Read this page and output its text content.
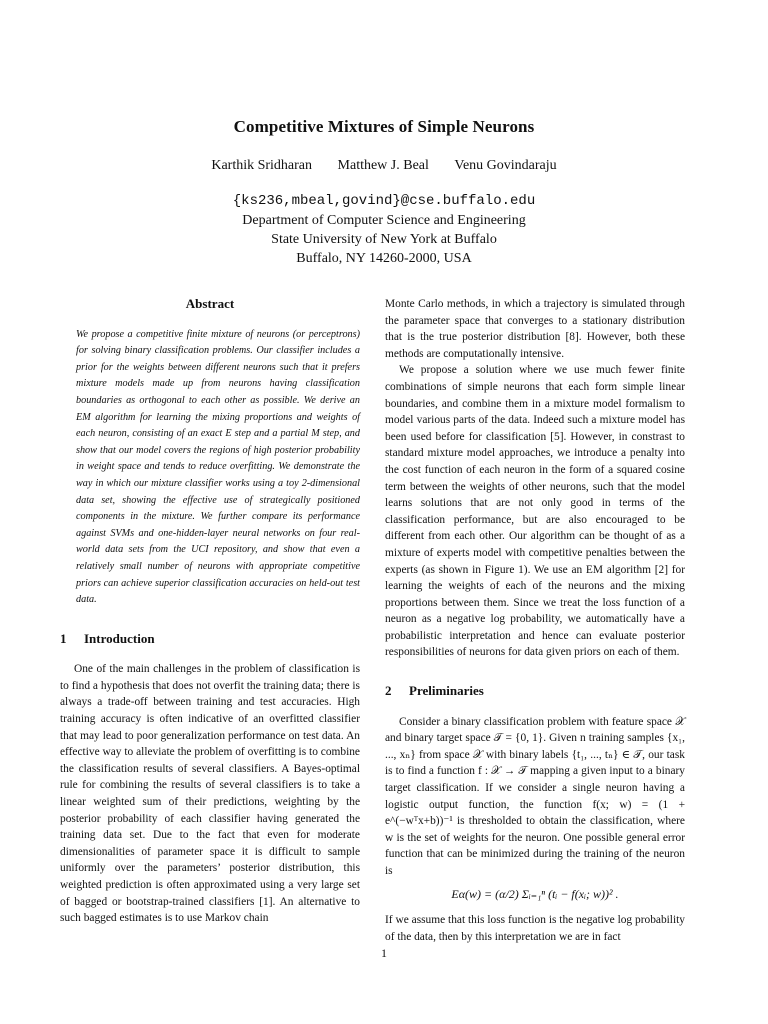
Competitive Mixtures of Simple Neurons
Karthik Sridharan Matthew J. Beal Venu Govindaraju
{ks236,mbeal,govind}@cse.buffalo.edu
Department of Computer Science and Engineering
State University of New York at Buffalo
Buffalo, NY 14260-2000, USA
Abstract
We propose a competitive finite mixture of neurons (or perceptrons) for solving binary classification problems. Our classifier includes a prior for the weights between different neurons such that it prefers mixture models made up from neurons having classification boundaries as orthogonal to each other as possible. We derive an EM algorithm for learning the mixing proportions and weights of each neuron, consisting of an exact E step and a partial M step, and show that our model covers the regions of high posterior probability in weight space and tends to reduce overfitting. We demonstrate the way in which our mixture classifier works using a toy 2-dimensional data set, showing the effective use of strategically positioned components in the mixture. We further compare its performance against SVMs and one-hidden-layer neural networks on four real-world data sets from the UCI repository, and show that even a relatively small number of neurons with appropriate competitive priors can achieve superior classification accuracies on held-out test data.
1 Introduction

One of the main challenges in the problem of classification is to find a hypothesis that does not overfit the training data; there is always a trade-off between training and test accuracies. High training accuracy is often indicative of an overfitted classifier that may lead to poor generalization performance on test data. An effective way to alleviate the problem of overfitting is to combine the classification results of several classifiers. A Bayes-optimal rule for combining the results of several classifiers is to take a linear weighted sum of their predictions, weighting by the posterior probability of each classifier having generated the training data set. Due to the fact that even for moderate dimensionalities of parameter space it is difficult to sample uniformly over the parameters’ posterior distribution, this weighted prediction is often approximated using a very large set of bagged or bootstrap-trained classifiers [1]. An alternative to such bagged estimates is to use Markov chain

Monte Carlo methods, in which a trajectory is simulated through the parameter space that converges to a stationary distribution that is the true posterior distribution [8]. However, both these methods are computationally intensive.

We propose a solution where we use much fewer finite combinations of simple neurons that each form simple linear boundaries, and combine them in a mixture model formalism to model various parts of the data. Indeed such a mixture model has been used before for classification [5]. However, in constrast to standard mixture model approaches, we introduce a penalty into the cost function of each neuron in the form of a squared cosine term between the weights of other neurons, such that the model learns solutions that are not only good in terms of the classification performance, but are also encouraged to be different from each other. Our algorithm can be thought of as a mixture of experts model with competitive penalties between the experts (as shown in Figure 1). We use an EM algorithm [2] for learning the weights of each of the neurons and the mixing proportions between them. Since we treat the loss function of a neuron as a negative log probability, we automatically have a probabilistic interpretation and hence can evaluate posterior responsibilities of neurons for data given priors on each of them.

2 Preliminaries

Consider a binary classification problem with feature space 𝒳 and binary target space 𝒯 = {0, 1}. Given n training samples {x₁, ..., xₙ} from space 𝒳 with binary labels {t₁, ..., tₙ} ∈ 𝒯, our task is to find a function f : 𝒳 → 𝒯 mapping a given input to a binary target classification. If we consider a single neuron having a logistic output function, the function f(x; w) = (1 + e^(−wᵀx+b))⁻¹ is thresholded to obtain the classification, where w is the set of weights for the neuron. One possible general error function that can be minimized during the training of the neuron is

Eα(w) = (α/2) Σᵢ₌₁ⁿ (tᵢ − f(xᵢ; w))² .

If we assume that this loss function is the negative log probability of the data, then by this interpretation we are in fact

1
